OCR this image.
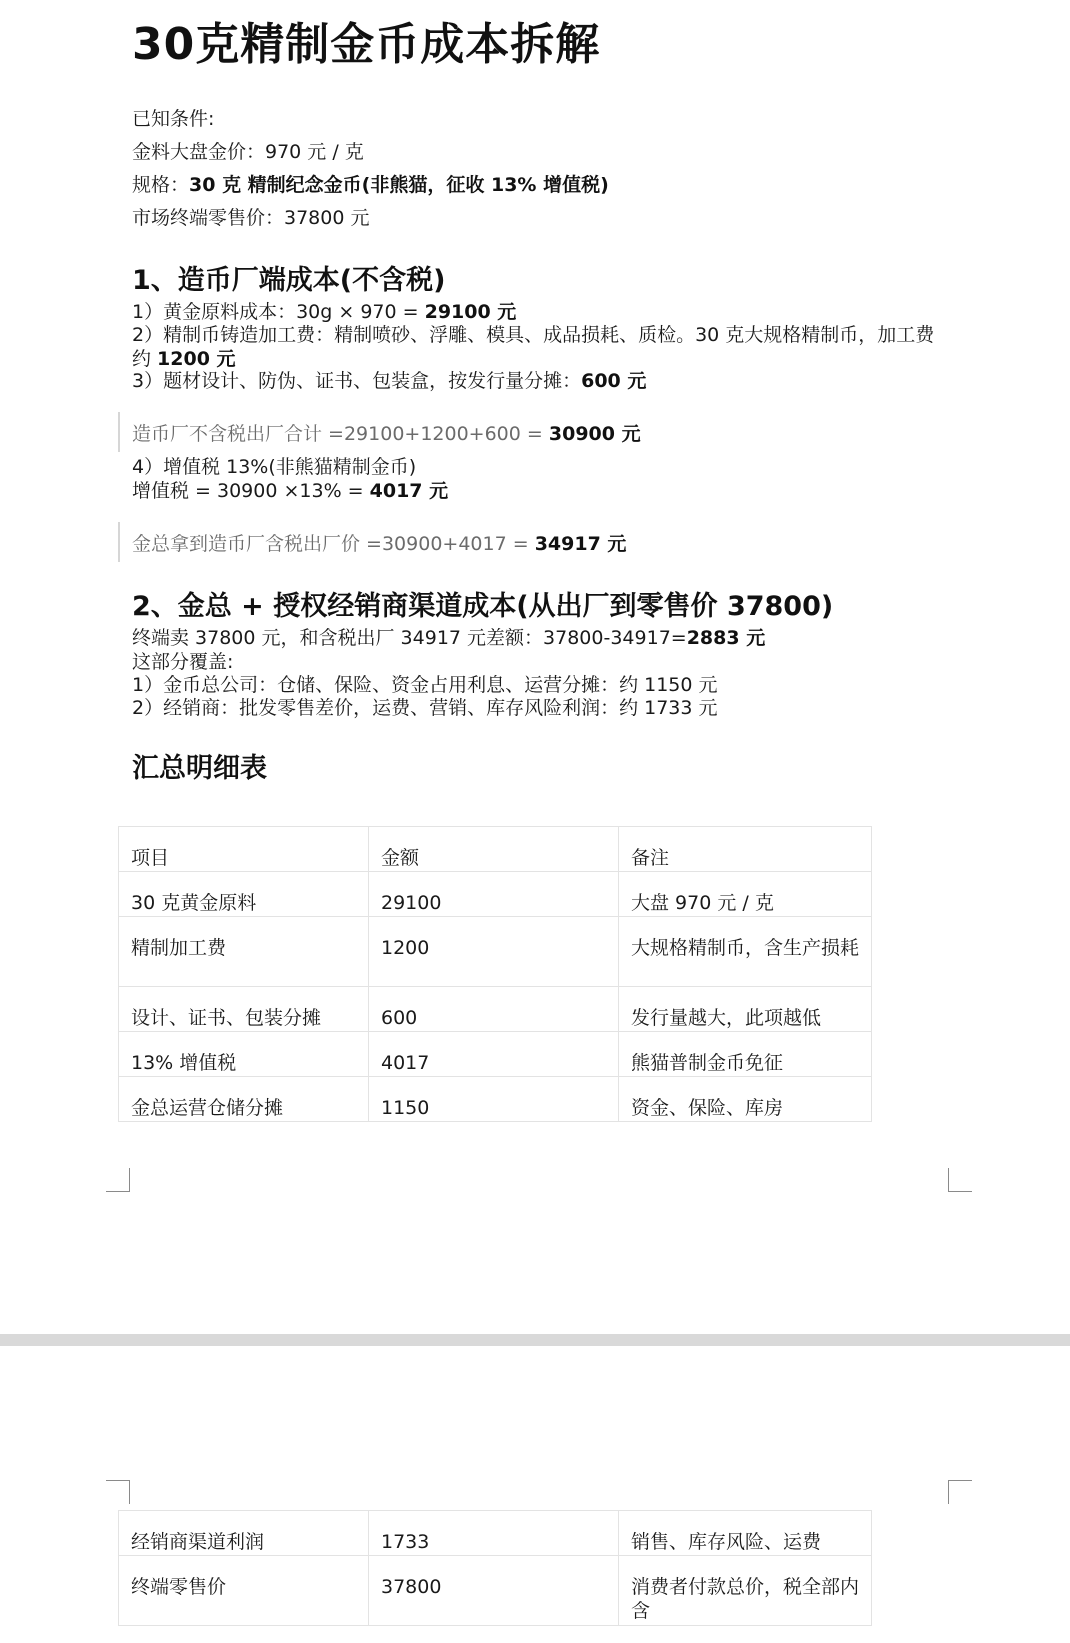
30克精制金币成本拆解
已知条件:
金料大盘金价：970 元 / 克
规格：30 克 精制纪念金币(非熊猫，征收 13% 增值税)
市场终端零售价：37800 元
1、造币厂端成本(不含税)
1）黄金原料成本：30g × 970 = 29100 元
2）精制币铸造加工费：精制喷砂、浮雕、模具、成品损耗、质检。30 克大规格精制币，加工费约 1200 元
3）题材设计、防伪、证书、包装盒，按发行量分摊：600 元
造币厂不含税出厂合计 =29100+1200+600 = 30900 元
4）增值税 13%(非熊猫精制金币)
增值税 = 30900 ×13% = 4017 元
金总拿到造币厂含税出厂价 =30900+4017 = 34917 元
2、金总 + 授权经销商渠道成本(从出厂到零售价 37800)
终端卖 37800 元，和含税出厂 34917 元差额：37800-34917=2883 元
这部分覆盖:
1）金币总公司：仓储、保险、资金占用利息、运营分摊：约 1150 元
2）经销商：批发零售差价，运费、营销、库存风险利润：约 1733 元
汇总明细表
项目	金额	备注
30 克黄金原料	29100	大盘 970 元 / 克
精制加工费	1200	大规格精制币，含生产损耗

设计、证书、包装分摊	600	发行量越大，此项越低
13% 增值税	4017	熊猫普制金币免征
金总运营仓储分摊	1150	资金、保险、库房
经销商渠道利润	1733	销售、库存风险、运费
终端零售价	37800	消费者付款总价，税全部内含
